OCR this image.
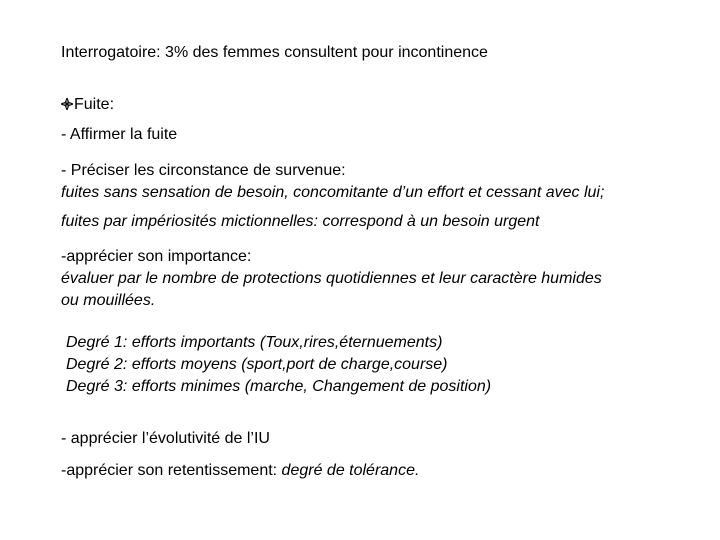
Interrogatoire: 3% des femmes consultent pour incontinence
Fuite:
- Affirmer la fuite
- Préciser les circonstance de survenue:
fuites sans sensation de besoin, concomitante d’un effort et cessant avec lui;
fuites par impériosités mictionnelles: correspond à un besoin urgent
-apprécier son importance:
évaluer par le nombre de protections quotidiennes et leur caractère humides
ou mouillées.
Degré 1: efforts importants (Toux,rires,éternuements)
Degré 2: efforts moyens (sport,port de charge,course)
Degré 3: efforts minimes (marche, Changement de position)
- apprécier l’évolutivité de l’IU
-apprécier son retentissement: degré de tolérance.
